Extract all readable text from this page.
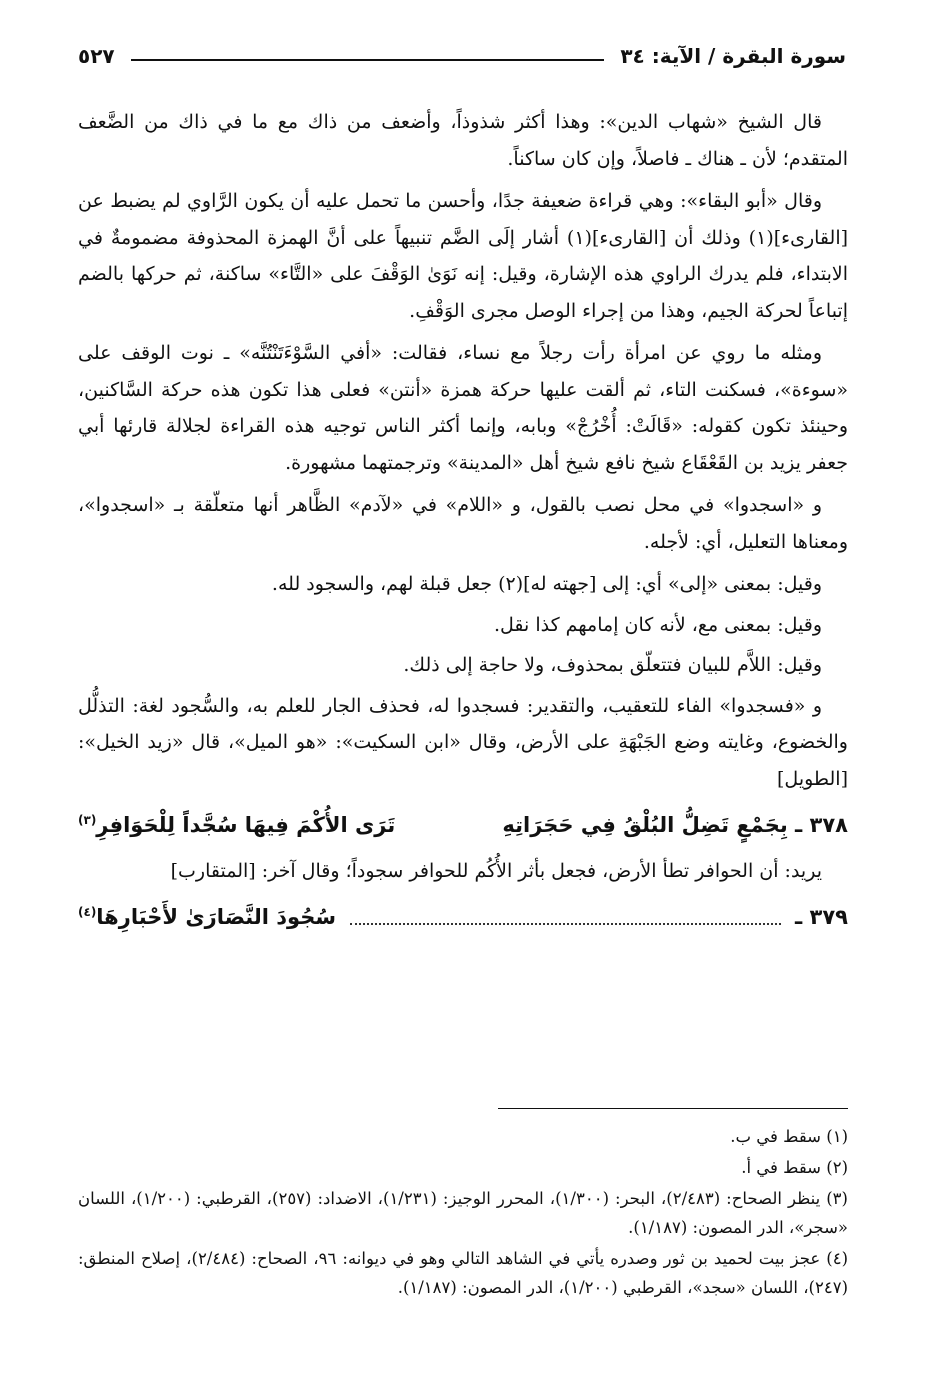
سورة البقرة / الآية: ٣٤
٥٢٧

قال الشيخ «شهاب الدين»: وهذا أكثر شذوذاً، وأضعف من ذاك مع ما في ذاك من الضَّعف المتقدم؛ لأن ـ هناك ـ فاصلاً، وإن كان ساكناً.

وقال «أبو البقاء»: وهي قراءة ضعيفة جدًا، وأحسن ما تحمل عليه أن يكون الرَّاوي لم يضبط عن [القارىء](١) وذلك أن [القارىء](١) أشار إلَى الضَّم تنبيهاً على أنَّ الهمزة المحذوفة مضمومةٌ في الابتداء، فلم يدرك الراوي هذه الإشارة، وقيل: إنه نَوَىٰ الوَقْفَ على «التَّاء» ساكنة، ثم حركها بالضم إتباعاً لحركة الجيم، وهذا من إجراء الوصل مجرى الوَقْفِ.

ومثله ما روي عن امرأة رأت رجلاً مع نساء، فقالت: «أفي السَّوْءَتَنْتُنَّه» ـ نوت الوقف على «سوءة»، فسكنت التاء، ثم ألقت عليها حركة همزة «أنتن» فعلى هذا تكون هذه حركة السَّاكنين، وحينئذ تكون كقوله: «قَالَتْ: أُخْرُجْ» وبابه، وإنما أكثر الناس توجيه هذه القراءة لجلالة قارئها أبي جعفر يزيد بن القَعْقَاع شيخ نافع شيخ أهل «المدينة» وترجمتهما مشهورة.

و «اسجدوا» في محل نصب بالقول، و «اللام» في «لآدم» الظَّاهر أنها متعلّقة بـ «اسجدوا»، ومعناها التعليل، أي: لأجله.

وقيل: بمعنى «إلى» أي: إلى [جهته له](٢) جعل قبلة لهم، والسجود لله.

وقيل: بمعنى مع، لأنه كان إمامهم كذا نقل.

وقيل: اللاَّم للبيان فتتعلّق بمحذوف، ولا حاجة إلى ذلك.

و «فسجدوا» الفاء للتعقيب، والتقدير: فسجدوا له، فحذف الجار للعلم به، والسُّجود لغة: التذلُّل والخضوع، وغايته وضع الجَبْهَةِ على الأرض، وقال «ابن السكيت»: «هو الميل»، قال «زيد الخيل»: [الطويل]

٣٧٨ ـ بِجَمْعٍ تَضِلُّ البُلْقُ فِي حَجَرَاتِهِ
تَرَى الأُكْمَ فِيهَا سُجَّداً لِلْحَوَافِرِ$^{(٣)}$

يريد: أن الحوافر تطأ الأرض، فجعل بأثر الأُكُم للحوافر سجوداً؛ وقال آخر: [المتقارب]

٣٧٩ ـ
سُجُودَ النَّصَارَىٰ لأَحْبَارِهَا$^{(٤)}$
(١) سقط في ب.
(٢) سقط في أ.
(٣) ينظر الصحاح: (٢/٤٨٣)، البحر: (١/٣٠٠)، المحرر الوجيز: (١/٢٣١)، الاضداد: (٢٥٧)، القرطبي: (١/٢٠٠)، اللسان «سجر»، الدر المصون: (١/١٨٧).
(٤) عجز بيت لحميد بن ثور وصدره يأتي في الشاهد التالي وهو في ديوانه: ٩٦، الصحاح: (٢/٤٨٤)، إصلاح المنطق: (٢٤٧)، اللسان «سجد»، القرطبي (١/٢٠٠)، الدر المصون: (١/١٨٧).
